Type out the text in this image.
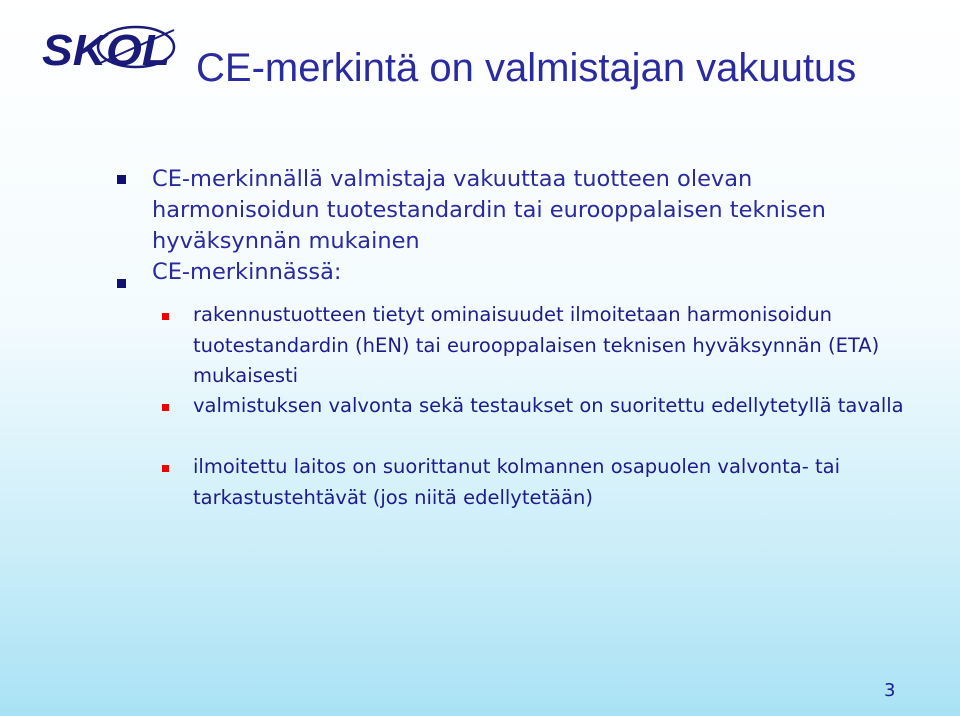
SKOL CE-merkintä on valmistajan vakuutus
CE-merkinnällä valmistaja vakuuttaa tuotteen olevan harmonisoidun tuotestandardin tai eurooppalaisen teknisen hyväksynnän mukainen
CE-merkinnässä:
rakennustuotteen tietyt ominaisuudet ilmoitetaan harmonisoidun tuotestandardin (hEN) tai eurooppalaisen teknisen hyväksynnän (ETA) mukaisesti
valmistuksen valvonta sekä testaukset on suoritettu edellytetyllä tavalla
ilmoitettu laitos on suorittanut kolmannen osapuolen valvonta- tai tarkastustehtävät (jos niitä edellytetään)
3
